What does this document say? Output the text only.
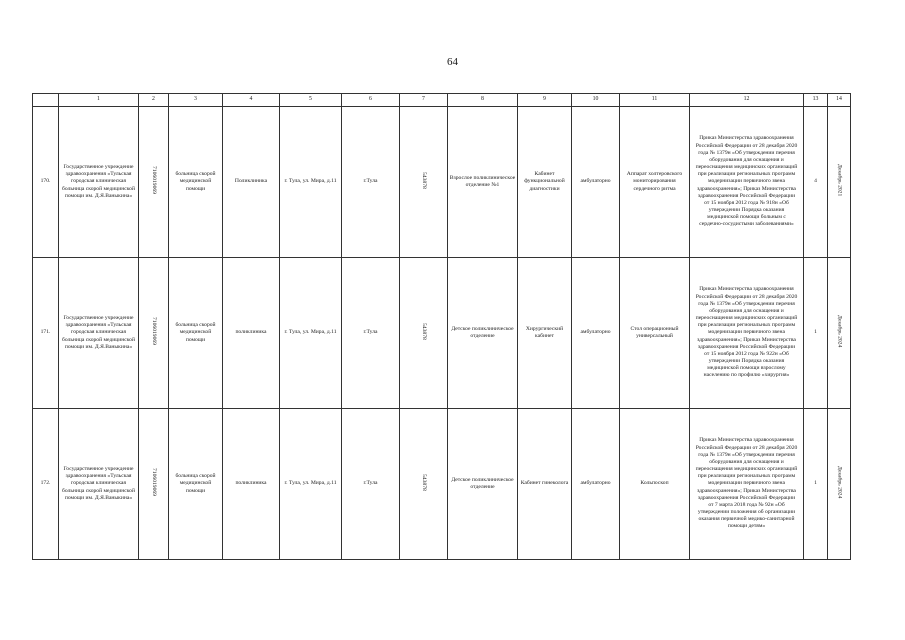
64
	1	2	3	4	5	6	7	8	9	10	11	12	13	14
170.	Государственное учреждение здравоохранения «Тульская городская клиническая больница скорой медицинской помощи им. Д.Я.Ваныкина»	7106019069	больница скорой медицинской помощи	Поликлиника	г. Тула, ул. Мира, д.11	г.Тула	543878	Взрослое поликлиническое отделение №1	Кабинет функциональной диагностики	амбулаторно	Аппарат холтеровского мониторирования сердечного ритма	Приказ Министерства здравоохранения Российской Федерации от 28 декабря 2020 года № 1379н «Об утверждении перечня оборудования для оснащения и переоснащения медицинских организаций при реализации региональных программ модернизации первичного звена здравоохранения»; Приказ Министерства здравоохранения Российской Федерации от 15 ноября 2012 года № 918н «Об утверждении Порядка оказания медицинской помощи больным с сердечно-сосудистыми заболеваниями»	4	Декабрь 2021
171.	Государственное учреждение здравоохранения «Тульская городская клиническая больница скорой медицинской помощи им. Д.Я.Ваныкина»	7106019069	больница скорой медицинской помощи	поликлиника	г. Тула, ул. Мира, д.11	г.Тула	543878	Детское поликлиническое отделение	Хирургический кабинет	амбулаторно	Стол операционный универсальный	Приказ Министерства здравоохранения Российской Федерации от 28 декабря 2020 года № 1379н «Об утверждении перечня оборудования для оснащения и переоснащения медицинских организаций при реализации региональных программ модернизации первичного звена здравоохранения»; Приказ Министерства здравоохранения Российской Федерации от 15 ноября 2012 года № 922н «Об утверждении Порядка оказания медицинской помощи взрослому населению по профилю «хирургия»	1	Декабрь 2024
172.	Государственное учреждение здравоохранения «Тульская городская клиническая больница скорой медицинской помощи им. Д.Я.Ваныкина»	7106019069	больница скорой медицинской помощи	поликлиника	г. Тула, ул. Мира, д.11	г.Тула	543878	Детское поликлиническое отделение	Кабинет гинеколога	амбулаторно	Кольпоскоп	Приказ Министерства здравоохранения Российской Федерации от 28 декабря 2020 года № 1379н «Об утверждении перечня оборудования для оснащения и переоснащения медицинских организаций при реализации региональных программ модернизации первичного звена здравоохранения»; Приказ Министерства здравоохранения Российской Федерации от 7 марта 2018 года № 92н «Об утверждении положения об организации оказания первичной медико-санитарной помощи детям»	1	Декабрь 2024
